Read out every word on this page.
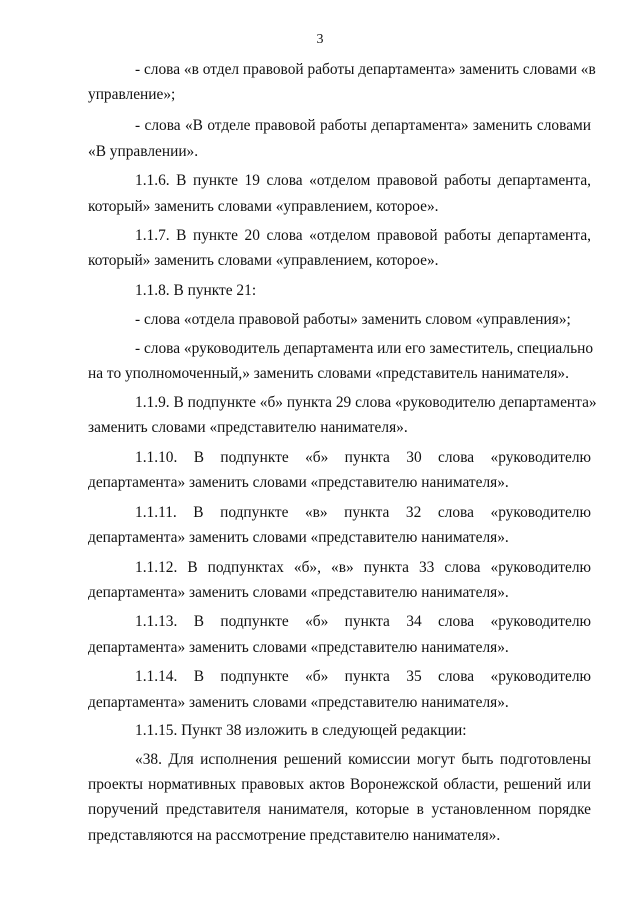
3
- слова «в отдел правовой работы департамента» заменить словами «в
управление»;
- слова «В отделе правовой работы департамента» заменить словами
«В управлении».
1.1.6. В пункте 19 слова «отделом правовой работы департамента,
который» заменить словами «управлением, которое».
1.1.7. В пункте 20 слова «отделом правовой работы департамента,
который» заменить словами «управлением, которое».
1.1.8. В пункте 21:
- слова «отдела правовой работы» заменить словом «управления»;
- слова «руководитель департамента или его заместитель, специально
на то уполномоченный,» заменить словами «представитель нанимателя».
1.1.9. В подпункте «б» пункта 29 слова «руководителю департамента»
заменить словами «представителю нанимателя».
1.1.10. В подпункте «б» пункта 30 слова «руководителю
департамента» заменить словами «представителю нанимателя».
1.1.11. В подпункте «в» пункта 32 слова «руководителю
департамента» заменить словами «представителю нанимателя».
1.1.12. В подпунктах «б», «в» пункта 33 слова «руководителю
департамента» заменить словами «представителю нанимателя».
1.1.13. В подпункте «б» пункта 34 слова «руководителю
департамента» заменить словами «представителю нанимателя».
1.1.14. В подпункте «б» пункта 35 слова «руководителю
департамента» заменить словами «представителю нанимателя».
1.1.15. Пункт 38 изложить в следующей редакции:
«38. Для исполнения решений комиссии могут быть подготовлены
проекты нормативных правовых актов Воронежской области, решений или
поручений представителя нанимателя, которые в установленном порядке
представляются на рассмотрение представителю нанимателя».
